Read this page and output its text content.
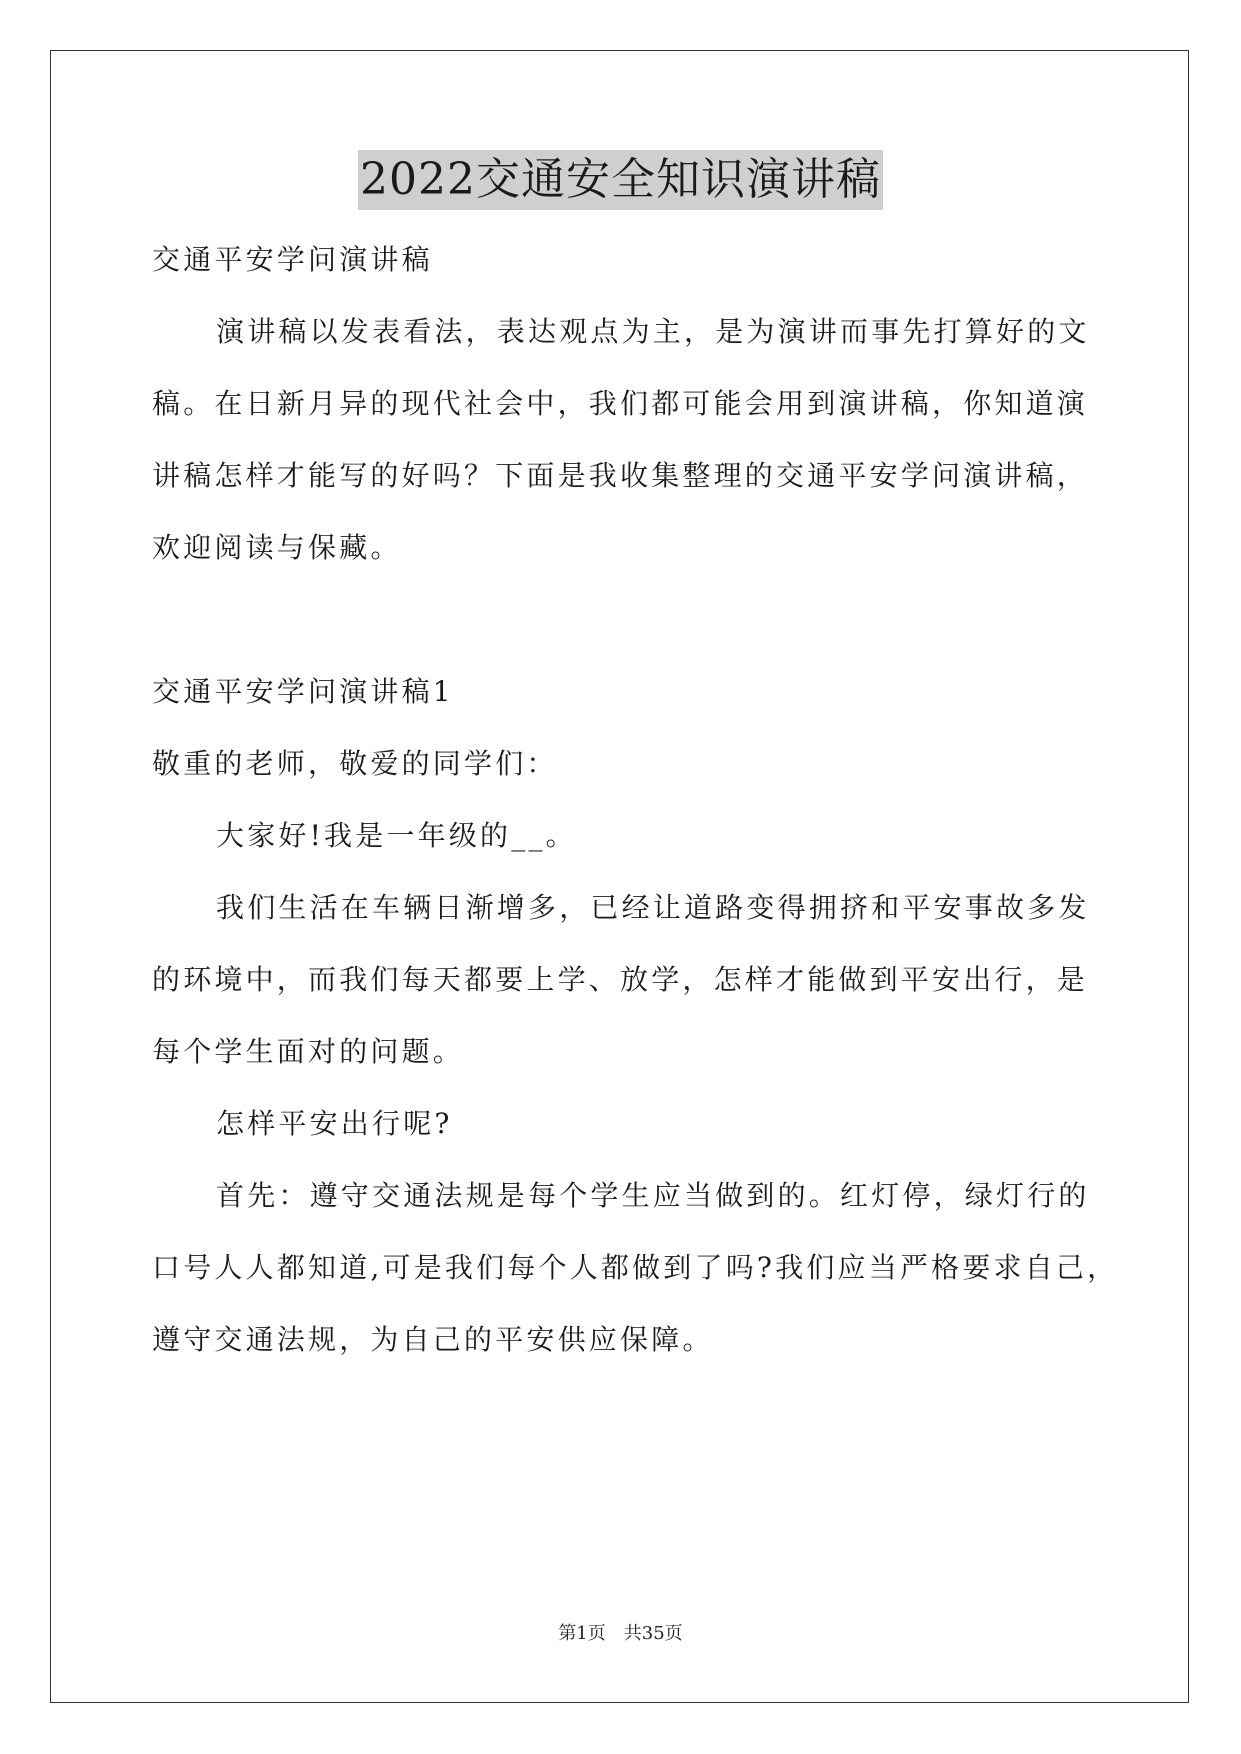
2022交通安全知识演讲稿

交通平安学问演讲稿

演讲稿以发表看法，表达观点为主，是为演讲而事先打算好的文

稿。在日新月异的现代社会中，我们都可能会用到演讲稿，你知道演

讲稿怎样才能写的好吗？下面是我收集整理的交通平安学问演讲稿，

欢迎阅读与保藏。

交通平安学问演讲稿1

敬重的老师，敬爱的同学们：

大家好!我是一年级的__。

我们生活在车辆日渐增多，已经让道路变得拥挤和平安事故多发

的环境中，而我们每天都要上学、放学，怎样才能做到平安出行，是

每个学生面对的问题。

怎样平安出行呢?

首先：遵守交通法规是每个学生应当做到的。红灯停，绿灯行的

口号人人都知道,可是我们每个人都做到了吗?我们应当严格要求自己，

遵守交通法规，为自己的平安供应保障。

第1页　共35页
